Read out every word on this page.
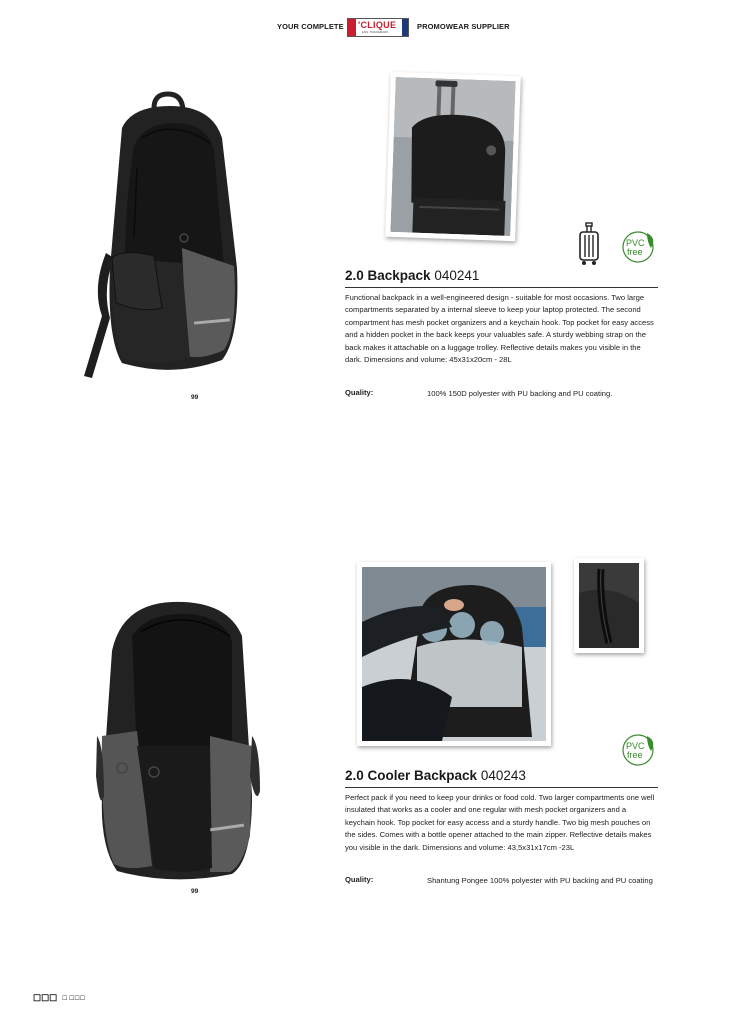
YOUR COMPLETE 'CLIQUE
ESS. TRADEMARK
PROMOWEAR SUPPLIER
99
PVC
free
2.0 Backpack 040241
Functional backpack in a well-engineered design - suitable for most occasions. Two large compartments separated by a internal sleeve to keep your laptop protected. The second compartment has mesh pocket organizers and a keychain hook. Top pocket for easy access and a hidden pocket in the back keeps your valuables safe. A sturdy webbing strap on the back makes it attachable on a luggage trolley. Reflective details makes you visible in the dark. Dimensions and volume: 45x31x20cm - 28L
Quality:	100% 150D polyester with PU backing and PU coating.
99
PVC
free
2.0 Cooler Backpack 040243
Perfect pack if you need to keep your drinks or food cold. Two larger compartments one well insulated that works as a cooler and one regular with mesh pocket organizers and a keychain hook. Top pocket for easy access and a sturdy handle. Two big mesh pouches on the sides. Comes with a bottle opener attached to the main zipper. Reflective details makes you visible in the dark. Dimensions and volume: 43,5x31x17cm -23L
Quality:	Shantung Pongee 100% polyester with PU backing and PU coating
☐☐☐ ☐ ☐☐☐
